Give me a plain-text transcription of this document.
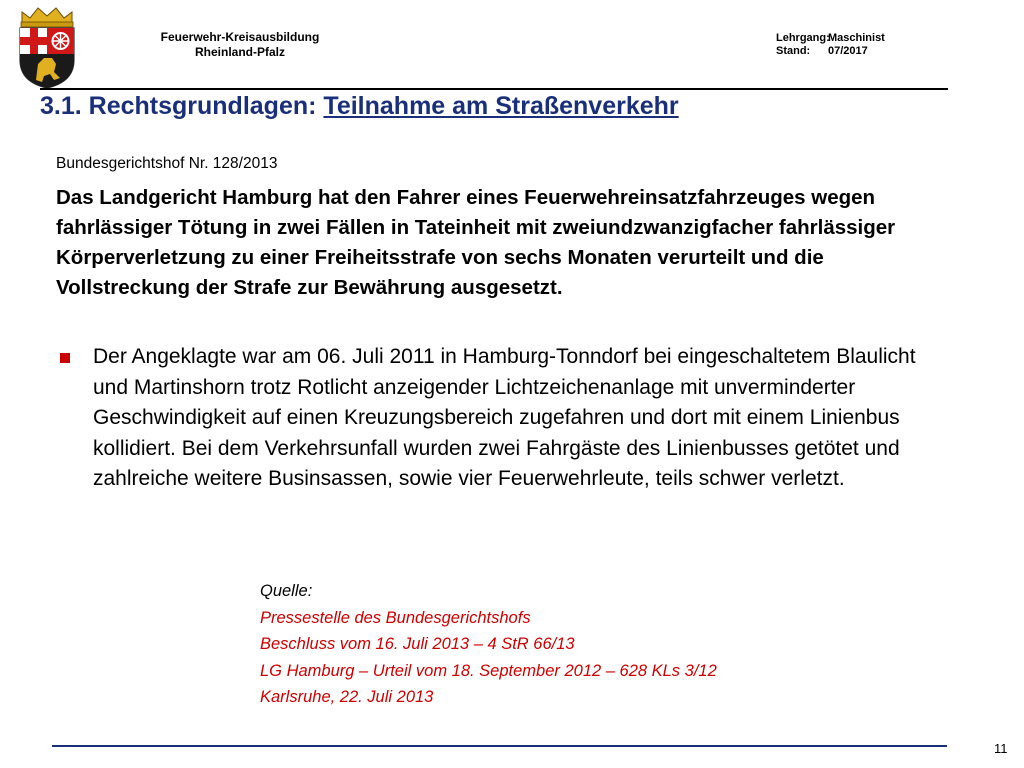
Feuerwehr-Kreisausbildung
Rheinland-Pfalz
Lehrgang:
Maschinist
Stand:	07/2017
3.1. Rechtsgrundlagen: Teilnahme am Straßenverkehr
Bundesgerichtshof Nr. 128/2013
Das Landgericht Hamburg hat den Fahrer eines Feuerwehreinsatzfahrzeuges wegen fahrlässiger Tötung in zwei Fällen in Tateinheit mit zweiundzwanzigfacher fahrlässiger Körperverletzung zu einer Freiheitsstrafe von sechs Monaten verurteilt und die Vollstreckung der Strafe zur Bewährung ausgesetzt.
Der Angeklagte war am 06. Juli 2011 in Hamburg-Tonndorf bei eingeschaltetem Blaulicht und Martinshorn trotz Rotlicht anzeigender Lichtzeichenanlage mit unverminderter Geschwindigkeit auf einen Kreuzungsbereich zugefahren und dort mit einem Linienbus kollidiert. Bei dem Verkehrsunfall wurden zwei Fahrgäste des Linienbusses getötet und zahlreiche weitere Businsassen, sowie vier Feuerwehrleute, teils schwer verletzt.
Quelle:
Pressestelle des Bundesgerichtshofs
Beschluss vom 16. Juli 2013 – 4 StR 66/13
LG Hamburg – Urteil vom 18. September 2012 – 628 KLs 3/12
Karlsruhe, 22. Juli 2013
11
